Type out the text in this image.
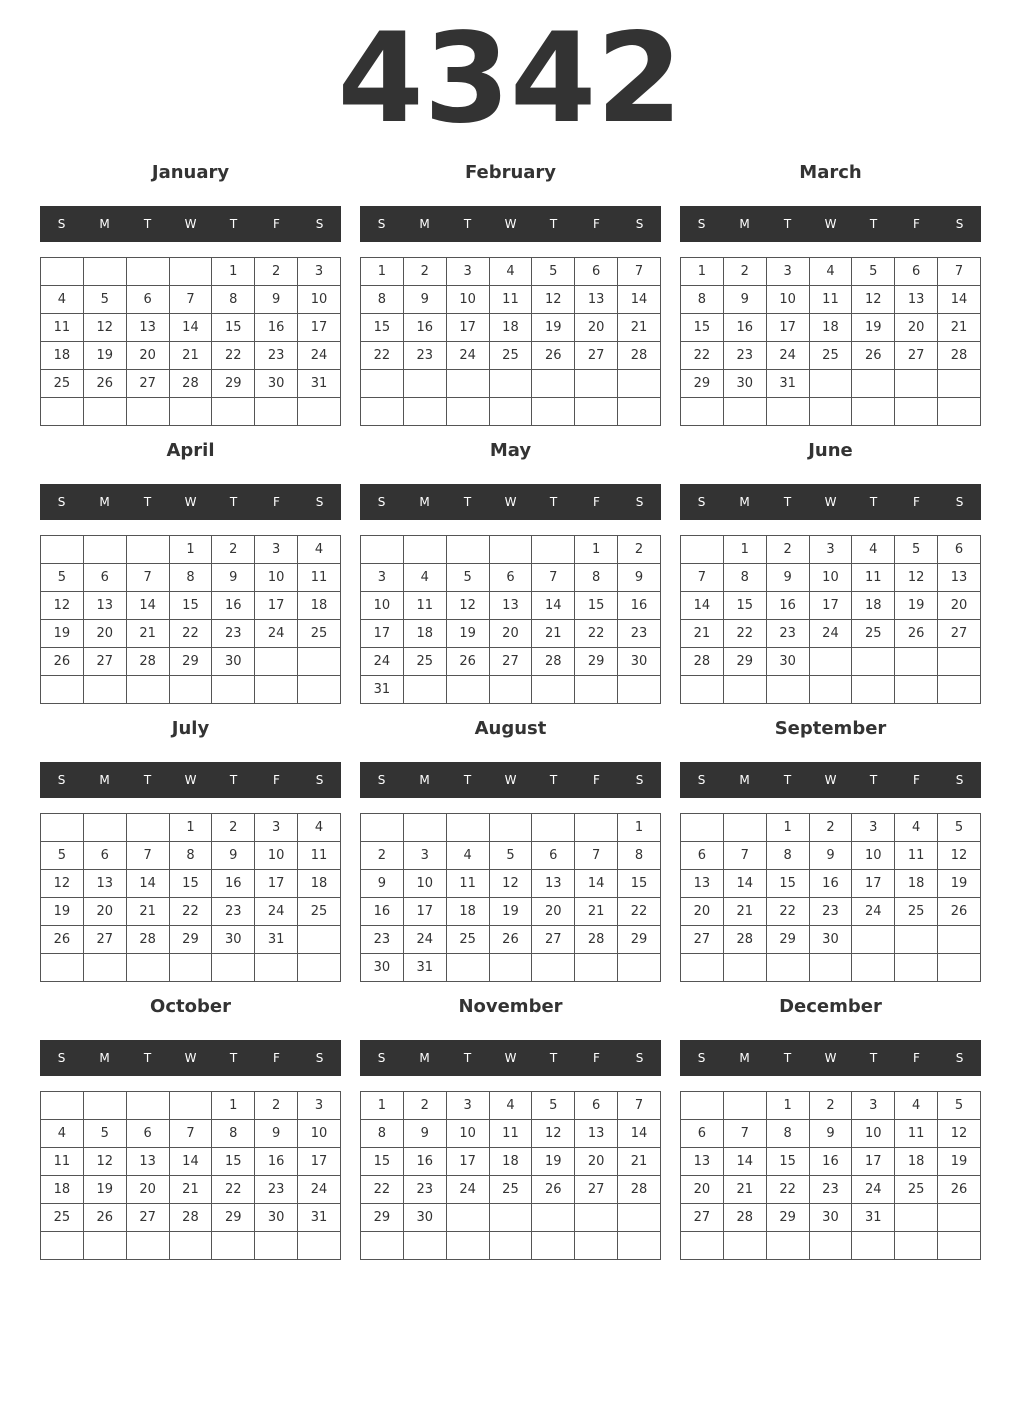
4342
January
S	M	T	W	T	F	S
				1	2	3
4	5	6	7	8	9	10
11	12	13	14	15	16	17
18	19	20	21	22	23	24
25	26	27	28	29	30	31

February
S	M	T	W	T	F	S
1	2	3	4	5	6	7
8	9	10	11	12	13	14
15	16	17	18	19	20	21
22	23	24	25	26	27	28

March
S	M	T	W	T	F	S
1	2	3	4	5	6	7
8	9	10	11	12	13	14
15	16	17	18	19	20	21
22	23	24	25	26	27	28
29	30	31				

April
S	M	T	W	T	F	S
			1	2	3	4
5	6	7	8	9	10	11
12	13	14	15	16	17	18
19	20	21	22	23	24	25
26	27	28	29	30		

May
S	M	T	W	T	F	S
					1	2
3	4	5	6	7	8	9
10	11	12	13	14	15	16
17	18	19	20	21	22	23
24	25	26	27	28	29	30
31						
June
S	M	T	W	T	F	S
	1	2	3	4	5	6
7	8	9	10	11	12	13
14	15	16	17	18	19	20
21	22	23	24	25	26	27
28	29	30				

July
S	M	T	W	T	F	S
			1	2	3	4
5	6	7	8	9	10	11
12	13	14	15	16	17	18
19	20	21	22	23	24	25
26	27	28	29	30	31	

August
S	M	T	W	T	F	S
						1
2	3	4	5	6	7	8
9	10	11	12	13	14	15
16	17	18	19	20	21	22
23	24	25	26	27	28	29
30	31					
September
S	M	T	W	T	F	S
		1	2	3	4	5
6	7	8	9	10	11	12
13	14	15	16	17	18	19
20	21	22	23	24	25	26
27	28	29	30			

October
S	M	T	W	T	F	S
				1	2	3
4	5	6	7	8	9	10
11	12	13	14	15	16	17
18	19	20	21	22	23	24
25	26	27	28	29	30	31

November
S	M	T	W	T	F	S
1	2	3	4	5	6	7
8	9	10	11	12	13	14
15	16	17	18	19	20	21
22	23	24	25	26	27	28
29	30					

December
S	M	T	W	T	F	S
		1	2	3	4	5
6	7	8	9	10	11	12
13	14	15	16	17	18	19
20	21	22	23	24	25	26
27	28	29	30	31		
